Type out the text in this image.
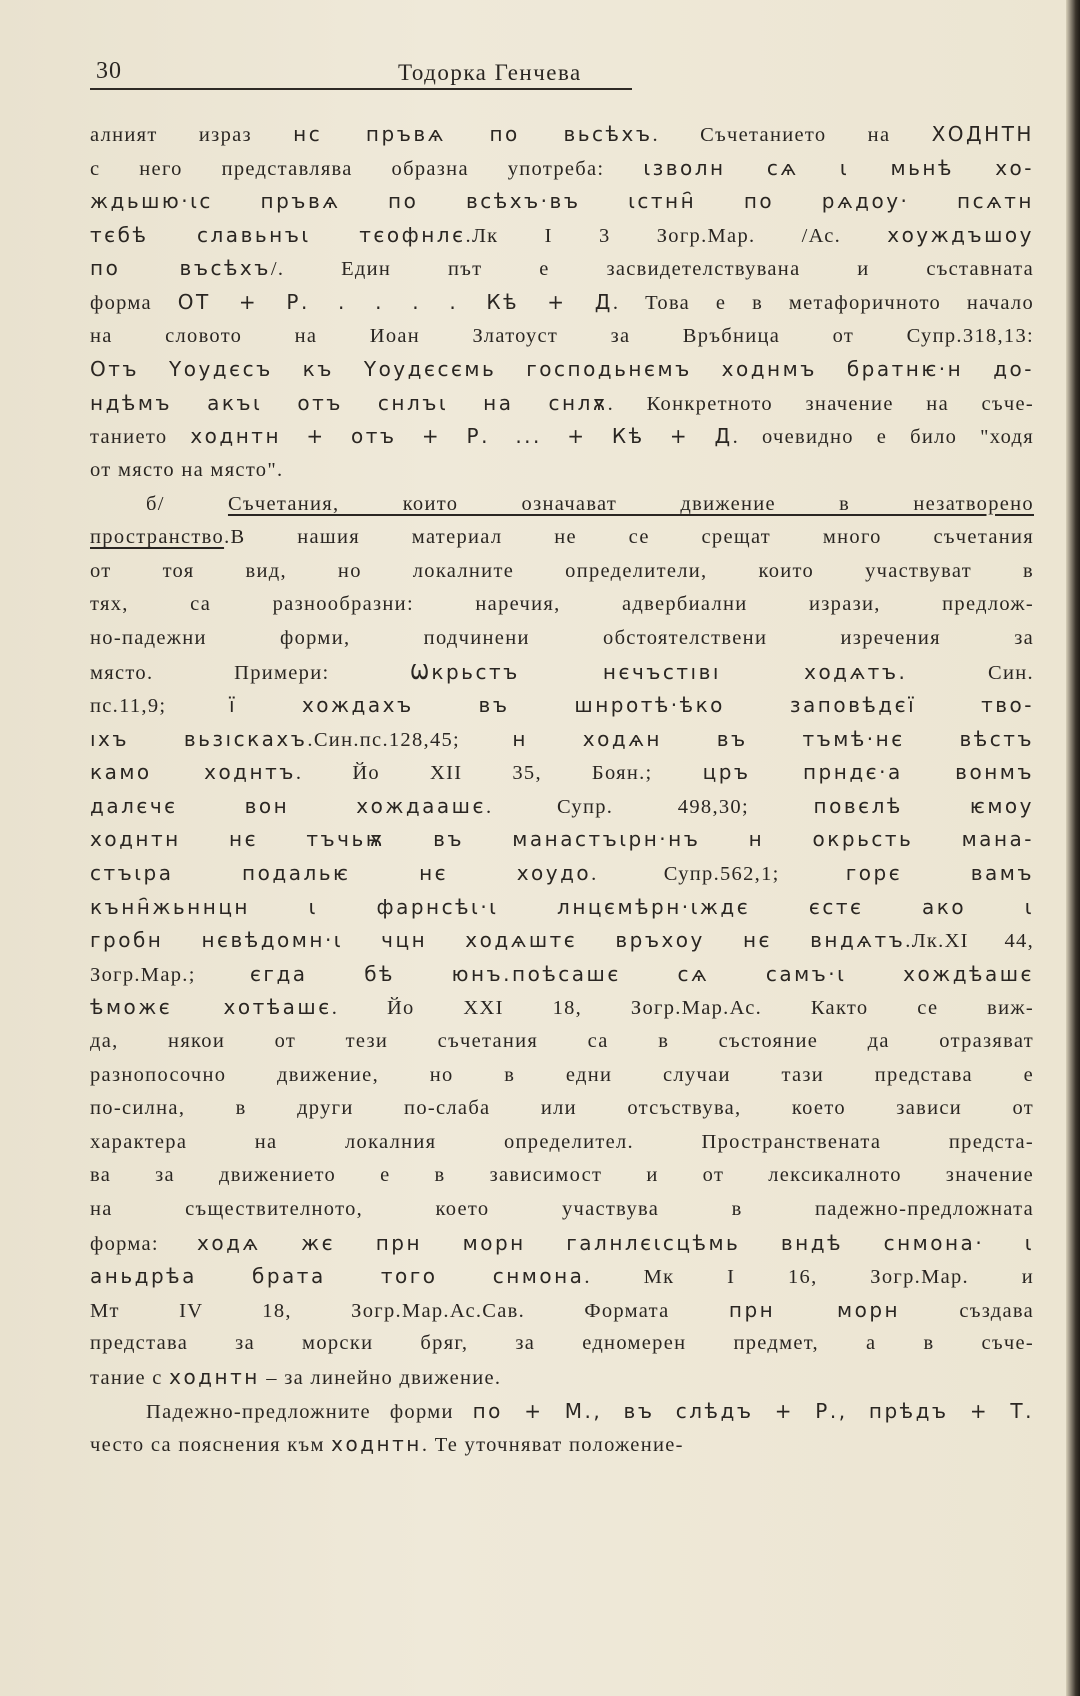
30	Тодорка Генчева
алният израз нс пръвѧ по вьсѣхъ. Съчетанието на ХОДНТН
с него представлява образна употреба: ιзволн сѧ ι мьнѣ хо-
ждьшю·ιс пръвѧ по всѣхъ·въ ιстнн҄ по рѧдоу· псѧтн
тєбѣ славьнъι тєофнлє.Лк I 3 Зогр.Мар. /Ас. хоуждъшоу
по въсѣхъ/. Един път е засвидетелствувана и съставната
форма ОТ + Р. . . . . Кѣ + Д. Това е в метафоричното начало
на словото на Иоан Златоуст за Връбница от Супр.318,13:
Отъ Үоудєсъ къ Үоудєсємь господьнємъ ходнмъ братнѥ·н до-
ндѣмъ акъι отъ снлъι на снлѫ. Конкретното значение на съче-
танието ходнтн + отъ + Р. ... + Кѣ + Д. очевидно е било "ходя
от място на място".
б/ Съчетания, които означават движение в незатворено
пространство.В нашия материал не се срещат много съчетания
от тоя вид, но локалните определители, които участвуват в
тях, са разнообразни: наречия, адвербиални изрази, предлож-
но-падежни форми, подчинени обстоятелствени изречения за
място. Примери: Ѡкрьстъ нєчъстıвı ходѧтъ. Син.
пс.11,9; ї хождахъ въ шнротѣ·ѣко заповѣдєї тво-
ıхъ вьзıскахъ.Син.пс.128,45; н ходѧн въ тъмѣ·нє вѣстъ
камо ходнтъ. Йо XII 35, Боян.; цръ прндє·а вонмъ
далєчє вон хождаашє. Супр. 498,30; повєлѣ ѥмоу
ходнтн нє тъчьѭ въ манастъιрн·нъ н окрьсть мана-
стъιра подальѥ нє хоудо. Супр.562,1; горє вамъ
кънн҄жьннцн ι фарнсѣι·ι лнцємѣрн·ιждє єстє ако ι
гробн нєвѣдомн·ι чцн ходѧштє връхоу нє вндѧтъ.Лк.XI 44,
Зогр.Мар.; єгда бѣ юнъ.поѣсашє сѧ самъ·ι хождѣашє
ѣможє хотѣашє. Йо XXI 18, Зогр.Мар.Ас. Както се виж-
да, някои от тези съчетания са в състояние да отразяват
разнопосочно движение, но в едни случаи тази представа е
по-силна, в други по-слаба или отсъствува, което зависи от
характера на локалния определител. Пространствената предста-
ва за движението е в зависимост и от лексикалното значение
на съществителното, което участвува в падежно-предложната
форма: ходѧ жє прн морн галнлєιсцѣмь вндѣ снмона· ι
аньдрѣа брата того снмона. Мк I 16, Зогр.Мар. и
Мт IV 18, Зогр.Мар.Ас.Сав. Формата прн морн създава
представа за морски бряг, за едномерен предмет, а в съче-
тание с ходнтн – за линейно движение.
Падежно-предложните форми по + М., въ слѣдъ + Р., прѣдъ + Т.
често са пояснения към ходнтн. Те уточняват положение-
